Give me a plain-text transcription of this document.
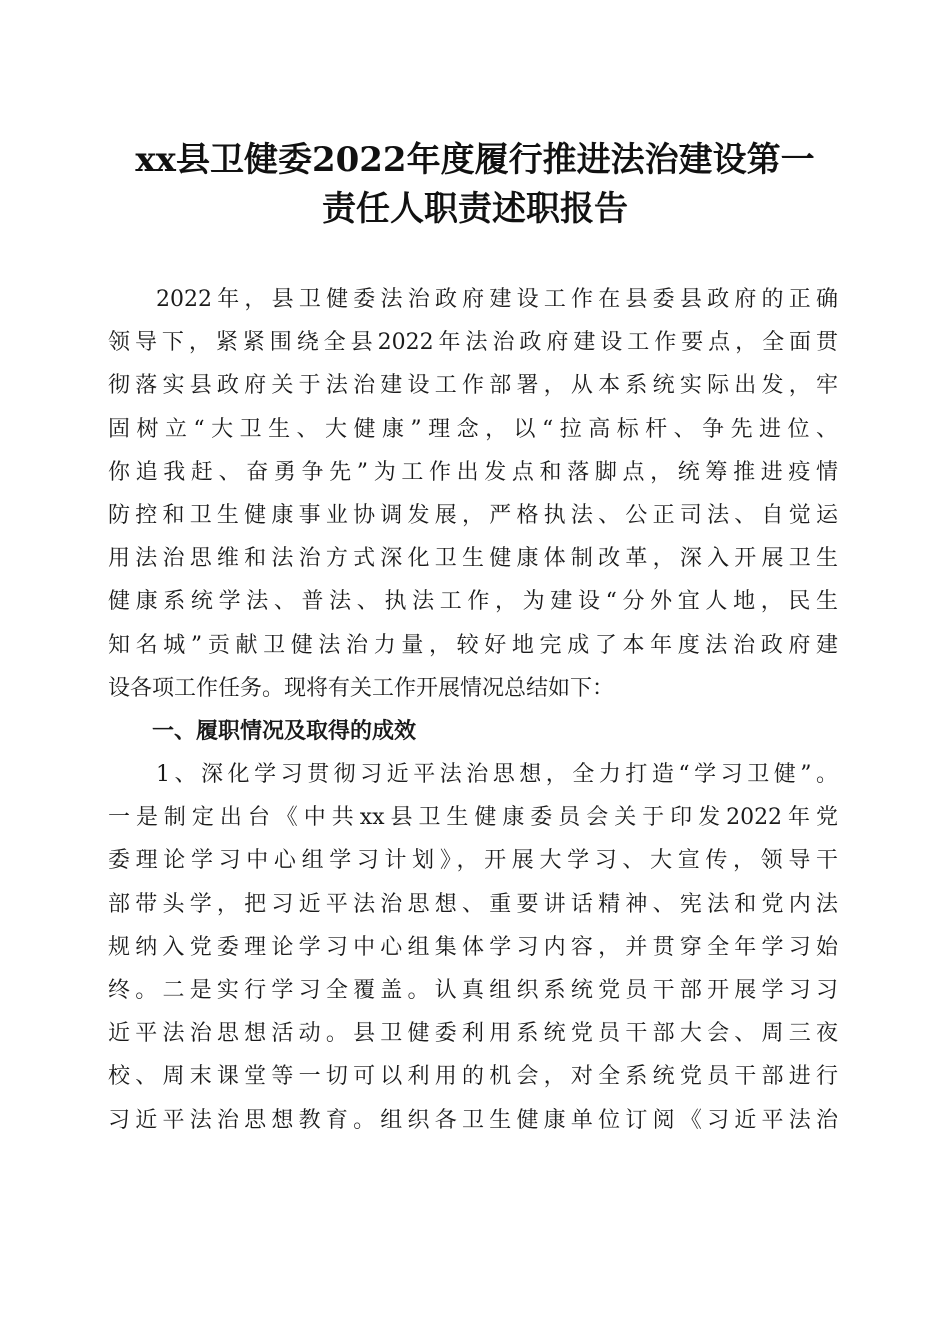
xx县卫健委2022年度履行推进法治建设第一
责任人职责述职报告
2022年，县卫健委法治政府建设工作在县委县政府的正确
领导下，紧紧围绕全县2022年法治政府建设工作要点，全面贯
彻落实县政府关于法治建设工作部署，从本系统实际出发，牢
固树立“大卫生、大健康”理念，以“拉高标杆、争先进位、
你追我赶、奋勇争先”为工作出发点和落脚点，统筹推进疫情
防控和卫生健康事业协调发展，严格执法、公正司法、自觉运
用法治思维和法治方式深化卫生健康体制改革，深入开展卫生
健康系统学法、普法、执法工作，为建设“分外宜人地，民生
知名城”贡献卫健法治力量，较好地完成了本年度法治政府建
设各项工作任务。现将有关工作开展情况总结如下：
一、履职情况及取得的成效
1、深化学习贯彻习近平法治思想，全力打造“学习卫健”。
一是制定出台《中共xx县卫生健康委员会关于印发2022年党
委理论学习中心组学习计划》，开展大学习、大宣传，领导干
部带头学，把习近平法治思想、重要讲话精神、宪法和党内法
规纳入党委理论学习中心组集体学习内容，并贯穿全年学习始
终。二是实行学习全覆盖。认真组织系统党员干部开展学习习
近平法治思想活动。县卫健委利用系统党员干部大会、周三夜
校、周末课堂等一切可以利用的机会，对全系统党员干部进行
习近平法治思想教育。组织各卫生健康单位订阅《习近平法治
